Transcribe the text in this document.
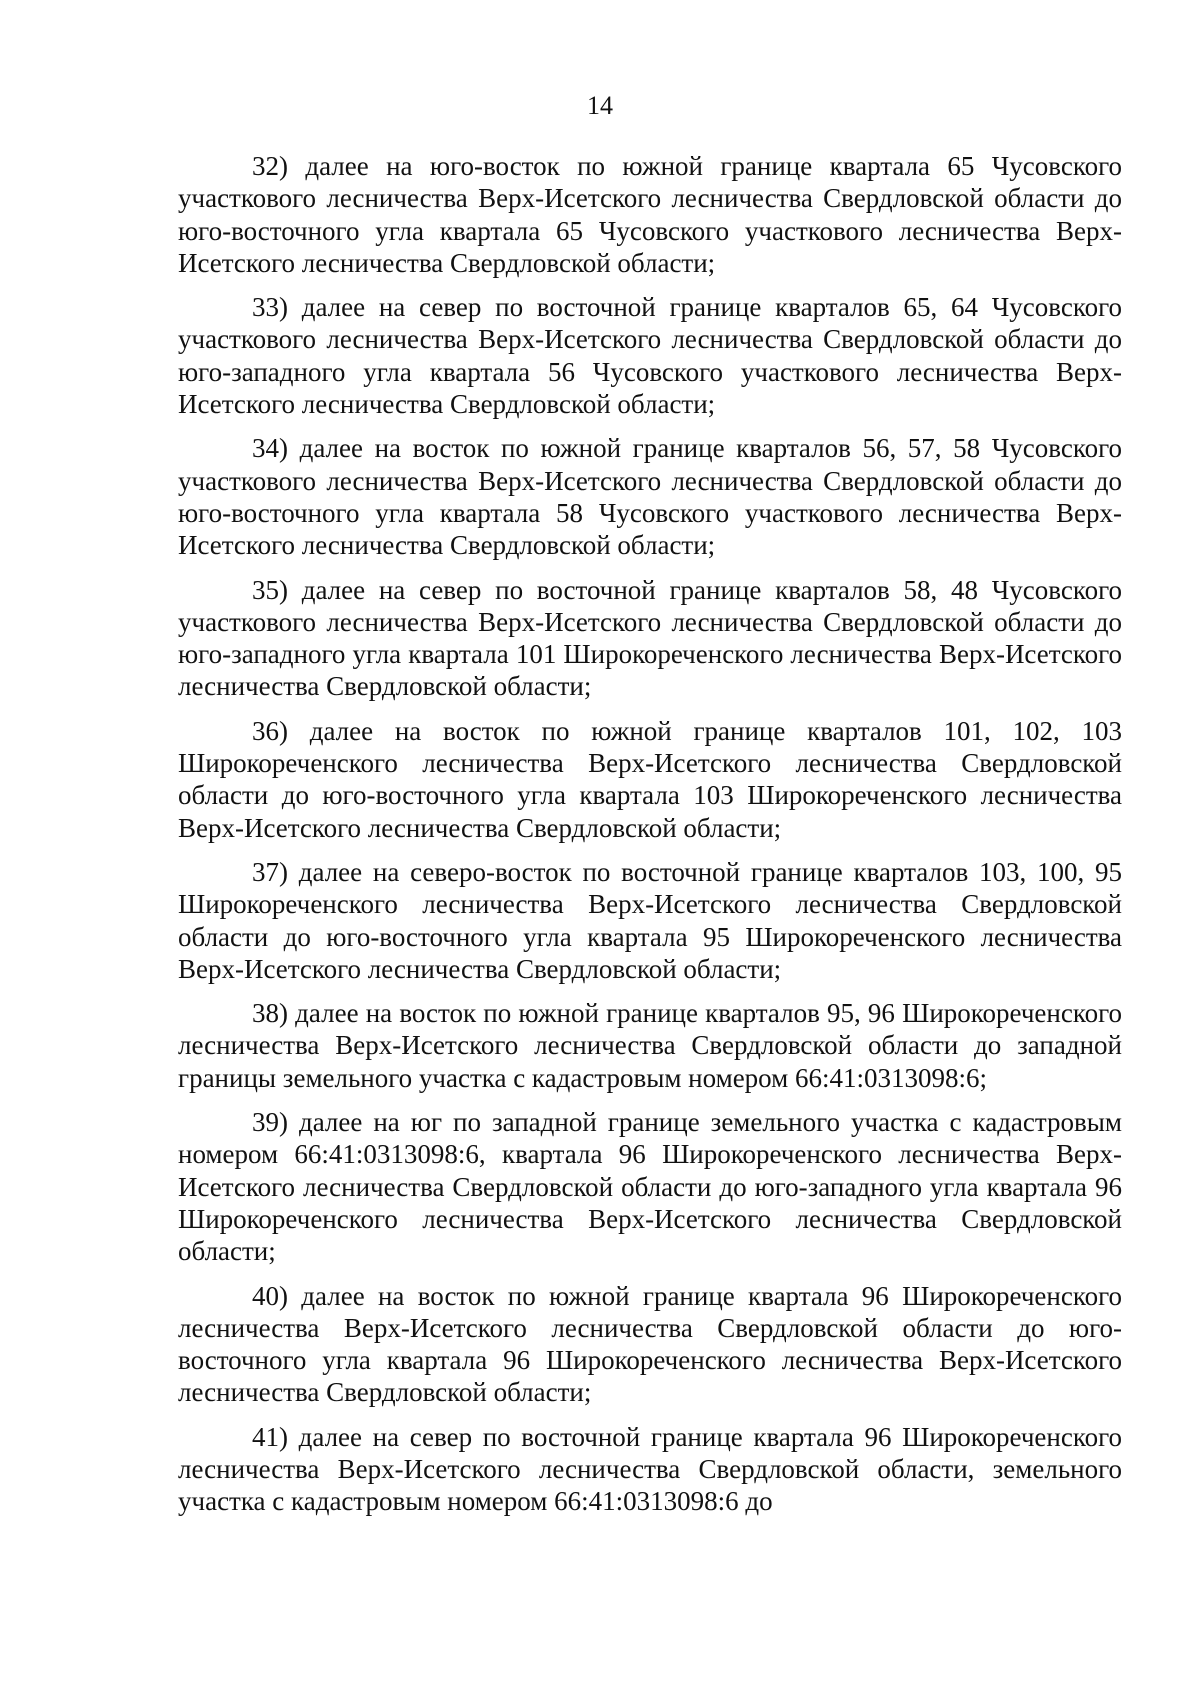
14

32) далее на юго-восток по южной границе квартала 65 Чусовского участкового лесничества Верх-Исетского лесничества Свердловской области до юго-восточного угла квартала 65 Чусовского участкового лесничества Верх-Исетского лесничества Свердловской области;

33) далее на север по восточной границе кварталов 65, 64 Чусовского участкового лесничества Верх-Исетского лесничества Свердловской области до юго-западного угла квартала 56 Чусовского участкового лесничества Верх-Исетского лесничества Свердловской области;

34) далее на восток по южной границе кварталов 56, 57, 58 Чусовского участкового лесничества Верх-Исетского лесничества Свердловской области до юго-восточного угла квартала 58 Чусовского участкового лесничества Верх-Исетского лесничества Свердловской области;

35) далее на север по восточной границе кварталов 58, 48 Чусовского участкового лесничества Верх-Исетского лесничества Свердловской области до юго-западного угла квартала 101 Широкореченского лесничества Верх-Исетского лесничества Свердловской области;

36) далее на восток по южной границе кварталов 101, 102, 103 Широкореченского лесничества Верх-Исетского лесничества Свердловской области до юго-восточного угла квартала 103 Широкореченского лесничества Верх-Исетского лесничества Свердловской области;

37) далее на северо-восток по восточной границе кварталов 103, 100, 95 Широкореченского лесничества Верх-Исетского лесничества Свердловской области до юго-восточного угла квартала 95 Широкореченского лесничества Верх-Исетского лесничества Свердловской области;

38) далее на восток по южной границе кварталов 95, 96 Широкореченского лесничества Верх-Исетского лесничества Свердловской области до западной границы земельного участка с кадастровым номером 66:41:0313098:6;

39) далее на юг по западной границе земельного участка с кадастровым номером 66:41:0313098:6, квартала 96 Широкореченского лесничества Верх-Исетского лесничества Свердловской области до юго-западного угла квартала 96 Широкореченского лесничества Верх-Исетского лесничества Свердловской области;

40) далее на восток по южной границе квартала 96 Широкореченского лесничества Верх-Исетского лесничества Свердловской области до юго-восточного угла квартала 96 Широкореченского лесничества Верх-Исетского лесничества Свердловской области;

41) далее на север по восточной границе квартала 96 Широкореченского лесничества Верх-Исетского лесничества Свердловской области, земельного участка с кадастровым номером 66:41:0313098:6 до
